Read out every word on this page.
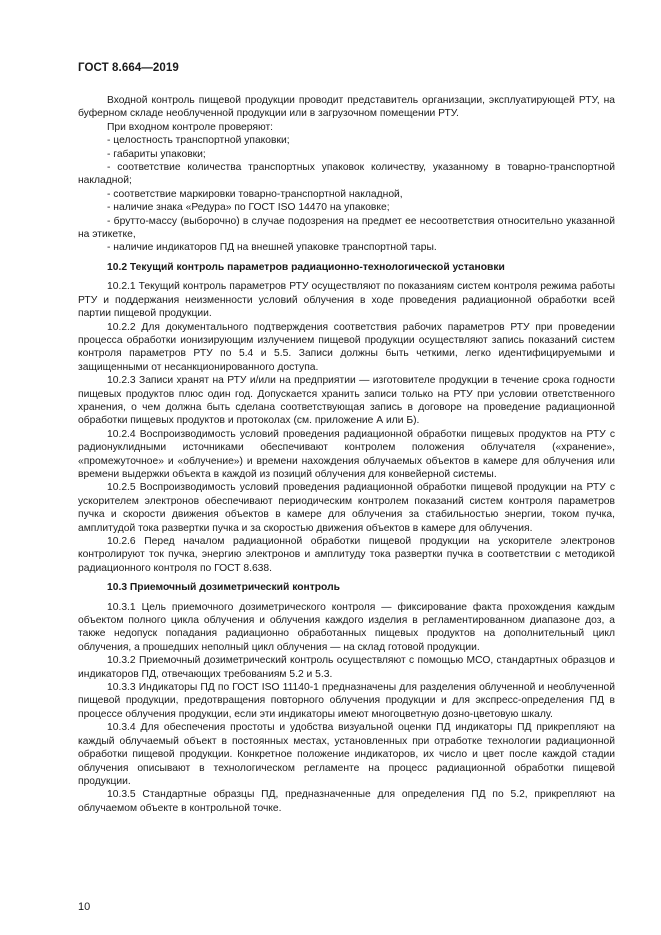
ГОСТ 8.664—2019

Входной контроль пищевой продукции проводит представитель организации, эксплуатирующей РТУ, на буферном складе необлученной продукции или в загрузочном помещении РТУ.

При входном контроле проверяют:

- целостность транспортной упаковки;

- габариты упаковки;

- соответствие количества транспортных упаковок количеству, указанному в товарно-транспортной накладной;

- соответствие маркировки товарно-транспортной накладной,

- наличие знака «Редура» по ГОСТ ISO 14470 на упаковке;

- брутто-массу (выборочно) в случае подозрения на предмет ее несоответствия относительно указанной на этикетке,

- наличие индикаторов ПД на внешней упаковке транспортной тары.

10.2 Текущий контроль параметров радиационно-технологической установки

10.2.1 Текущий контроль параметров РТУ осуществляют по показаниям систем контроля режима работы РТУ и поддержания неизменности условий облучения в ходе проведения радиационной обработки всей партии пищевой продукции.

10.2.2 Для документального подтверждения соответствия рабочих параметров РТУ при проведении процесса обработки ионизирующим излучением пищевой продукции осуществляют запись показаний систем контроля параметров РТУ по 5.4 и 5.5. Записи должны быть четкими, легко идентифицируемыми и защищенными от несанкционированного доступа.

10.2.3 Записи хранят на РТУ и/или на предприятии — изготовителе продукции в течение срока годности пищевых продуктов плюс один год. Допускается хранить записи только на РТУ при условии ответственного хранения, о чем должна быть сделана соответствующая запись в договоре на проведение радиационной обработки пищевых продуктов и протоколах (см. приложение А или Б).

10.2.4 Воспроизводимость условий проведения радиационной обработки пищевых продуктов на РТУ с радионуклидными источниками обеспечивают контролем положения облучателя («хранение», «промежуточное» и «облучение») и времени нахождения облучаемых объектов в камере для облучения или времени выдержки объекта в каждой из позиций облучения для конвейерной системы.

10.2.5 Воспроизводимость условий проведения радиационной обработки пищевой продукции на РТУ с ускорителем электронов обеспечивают периодическим контролем показаний систем контроля параметров пучка и скорости движения объектов в камере для облучения за стабильностью энергии, током пучка, амплитудой тока развертки пучка и за скоростью движения объектов в камере для облучения.

10.2.6 Перед началом радиационной обработки пищевой продукции на ускорителе электронов контролируют ток пучка, энергию электронов и амплитуду тока развертки пучка в соответствии с методикой радиационного контроля по ГОСТ 8.638.

10.3 Приемочный дозиметрический контроль

10.3.1 Цель приемочного дозиметрического контроля — фиксирование факта прохождения каждым объектом полного цикла облучения и облучения каждого изделия в регламентированном диапазоне доз, а также недопуск попадания радиационно обработанных пищевых продуктов на дополнительный цикл облучения, а прошедших неполный цикл облучения — на склад готовой продукции.

10.3.2 Приемочный дозиметрический контроль осуществляют с помощью МСО, стандартных образцов и индикаторов ПД, отвечающих требованиям 5.2 и 5.3.

10.3.3 Индикаторы ПД по ГОСТ ISO 11140-1 предназначены для разделения облученной и необлученной пищевой продукции, предотвращения повторного облучения продукции и для экспресс-определения ПД в процессе облучения продукции, если эти индикаторы имеют многоцветную дозно-цветовую шкалу.

10.3.4 Для обеспечения простоты и удобства визуальной оценки ПД индикаторы ПД прикрепляют на каждый облучаемый объект в постоянных местах, установленных при отработке технологии радиационной обработки пищевой продукции. Конкретное положение индикаторов, их число и цвет после каждой стадии облучения описывают в технологическом регламенте на процесс радиационной обработки пищевой продукции.

10.3.5 Стандартные образцы ПД, предназначенные для определения ПД по 5.2, прикрепляют на облучаемом объекте в контрольной точке.

10
